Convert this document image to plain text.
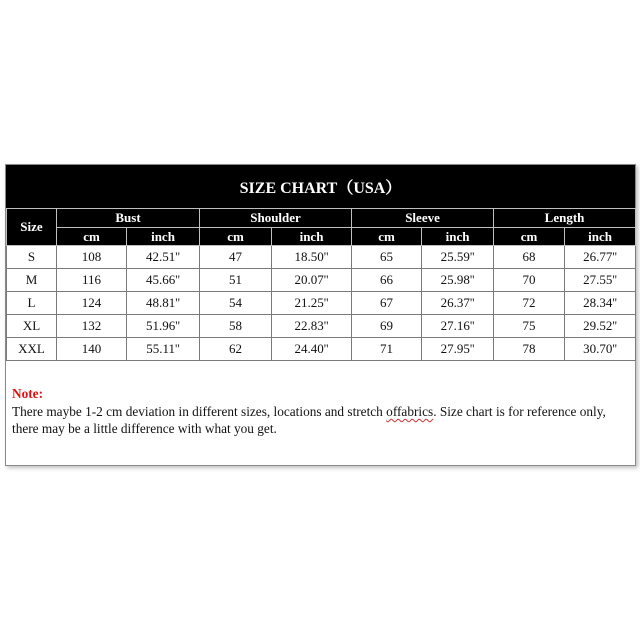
SIZE CHART（USA）
Size	Bust		Shoulder		Sleeve		Length	
	cm	inch	cm	inch	cm	inch	cm	inch
S	108	42.51''	47	18.50''	65	25.59''	68	26.77''
M	116	45.66''	51	20.07''	66	25.98''	70	27.55''
L	124	48.81''	54	21.25''	67	26.37''	72	28.34''
XL	132	51.96''	58	22.83''	69	27.16''	75	29.52''
XXL	140	55.11''	62	24.40''	71	27.95''	78	30.70''
Note:
There maybe 1-2 cm deviation in different sizes, locations and stretch offabrics. Size chart is for reference only, there may be a little difference with what you get.
